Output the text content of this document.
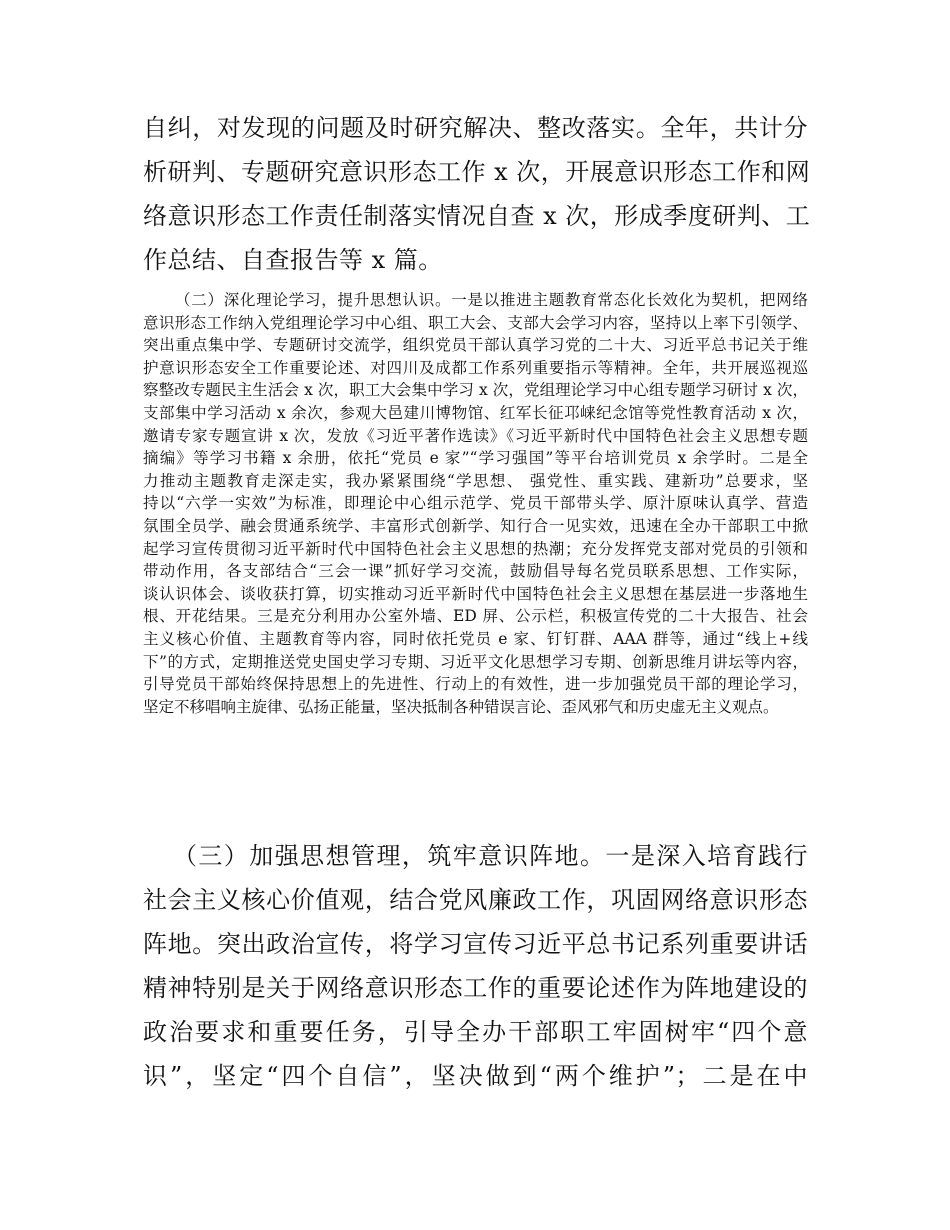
自纠，对发现的问题及时研究解决、整改落实。全年，共计分
析研判、专题研究意识形态工作 x 次，开展意识形态工作和网
络意识形态工作责任制落实情况自查 x 次，形成季度研判、工
作总结、自查报告等 x 篇。
（二）深化理论学习，提升思想认识。一是以推进主题教育常态化长效化为契机，把网络
意识形态工作纳入党组理论学习中心组、职工大会、支部大会学习内容，坚持以上率下引领学、
突出重点集中学、专题研讨交流学，组织党员干部认真学习党的二十大、习近平总书记关于维
护意识形态安全工作重要论述、对四川及成都工作系列重要指示等精神。全年，共开展巡视巡
察整改专题民主生活会 x 次，职工大会集中学习 x 次，党组理论学习中心组专题学习研讨 x 次，
支部集中学习活动 x 余次，参观大邑建川博物馆、红军长征邛崃纪念馆等党性教育活动 x 次，
邀请专家专题宣讲 x 次，发放《习近平著作选读》《习近平新时代中国特色社会主义思想专题
摘编》等学习书籍 x 余册，依托“党员 e 家”“学习强国”等平台培训党员 x 余学时。二是全
力推动主题教育走深走实，我办紧紧围绕“学思想、 强党性、重实践、建新功”总要求，坚
持以“六学一实效”为标准，即理论中心组示范学、党员干部带头学、原汁原味认真学、营造
氛围全员学、融会贯通系统学、丰富形式创新学、知行合一见实效，迅速在全办干部职工中掀
起学习宣传贯彻习近平新时代中国特色社会主义思想的热潮；充分发挥党支部对党员的引领和
带动作用，各支部结合“三会一课”抓好学习交流，鼓励倡导每名党员联系思想、工作实际，
谈认识体会、谈收获打算，切实推动习近平新时代中国特色社会主义思想在基层进一步落地生
根、开花结果。三是充分利用办公室外墙、ED 屏、公示栏，积极宣传党的二十大报告、社会
主义核心价值、主题教育等内容，同时依托党员 e 家、钉钉群、AAA 群等，通过“线上+线
下”的方式，定期推送党史国史学习专期、习近平文化思想学习专期、创新思维月讲坛等内容，
引导党员干部始终保持思想上的先进性、行动上的有效性，进一步加强党员干部的理论学习，
坚定不移唱响主旋律、弘扬正能量，坚决抵制各种错误言论、歪风邪气和历史虚无主义观点。
（三）加强思想管理，筑牢意识阵地。一是深入培育践行
社会主义核心价值观，结合党风廉政工作，巩固网络意识形态
阵地。突出政治宣传，将学习宣传习近平总书记系列重要讲话
精神特别是关于网络意识形态工作的重要论述作为阵地建设的
政治要求和重要任务，引导全办干部职工牢固树牢“四个意
识”，坚定“四个自信”，坚决做到“两个维护”；二是在中
